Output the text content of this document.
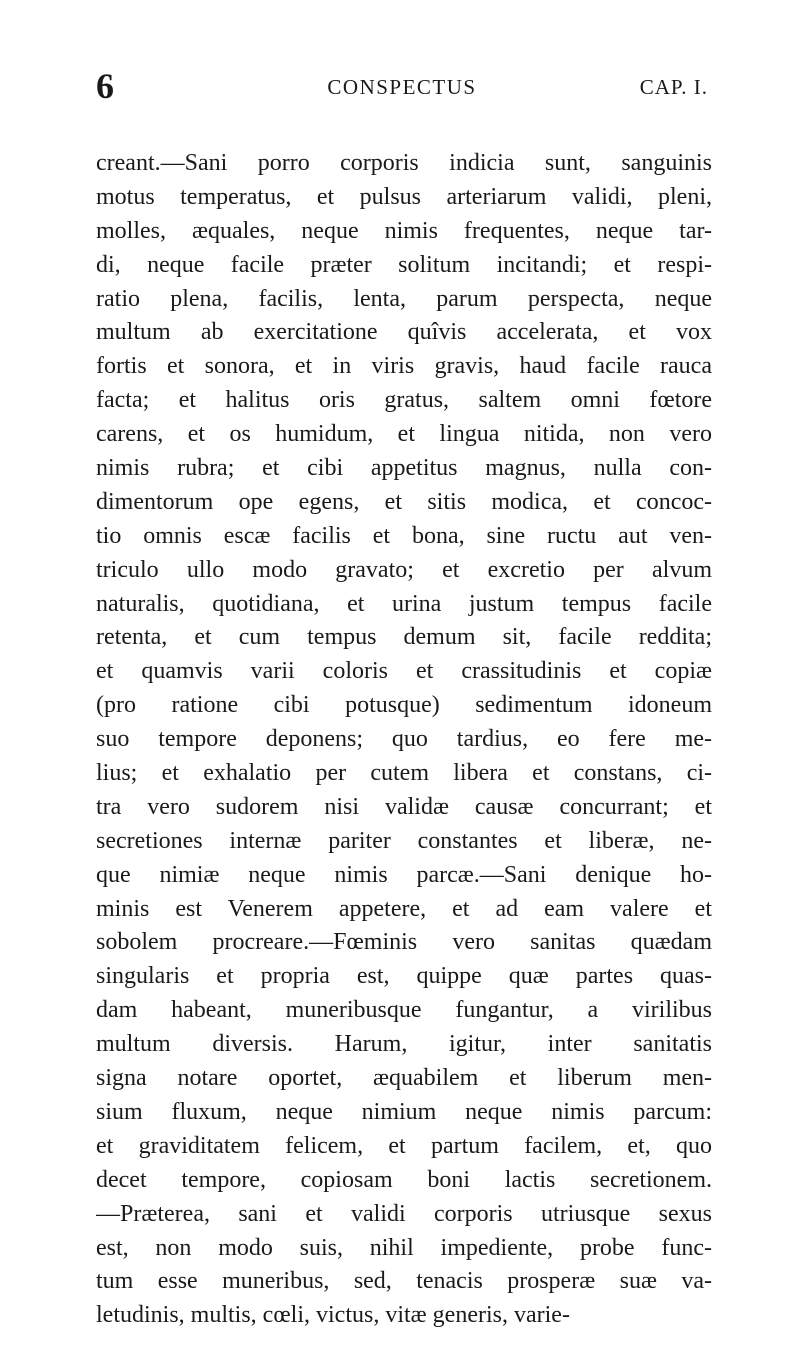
6	CONSPECTUS	CAP. I.
creant.—Sani porro corporis indicia sunt, sanguinis
motus temperatus, et pulsus arteriarum validi, pleni,
molles, æquales, neque nimis frequentes, neque tar-
di, neque facile præter solitum incitandi; et respi-
ratio plena, facilis, lenta, parum perspecta, neque
multum ab exercitatione quîvis accelerata, et vox
fortis et sonora, et in viris gravis, haud facile rauca
facta; et halitus oris gratus, saltem omni fœtore
carens, et os humidum, et lingua nitida, non vero
nimis rubra; et cibi appetitus magnus, nulla con-
dimentorum ope egens, et sitis modica, et concoc-
tio omnis escæ facilis et bona, sine ructu aut ven-
triculo ullo modo gravato; et excretio per alvum
naturalis, quotidiana, et urina justum tempus facile
retenta, et cum tempus demum sit, facile reddita;
et quamvis varii coloris et crassitudinis et copiæ
(pro ratione cibi potusque) sedimentum idoneum
suo tempore deponens; quo tardius, eo fere me-
lius; et exhalatio per cutem libera et constans, ci-
tra vero sudorem nisi validæ causæ concurrant; et
secretiones internæ pariter constantes et liberæ, ne-
que nimiæ neque nimis parcæ.—Sani denique ho-
minis est Venerem appetere, et ad eam valere et
sobolem procreare.—Fœminis vero sanitas quædam
singularis et propria est, quippe quæ partes quas-
dam habeant, muneribusque fungantur, a virilibus
multum diversis. Harum, igitur, inter sanitatis
signa notare oportet, æquabilem et liberum men-
sium fluxum, neque nimium neque nimis parcum:
et graviditatem felicem, et partum facilem, et, quo
decet tempore, copiosam boni lactis secretionem.
—Præterea, sani et validi corporis utriusque sexus
est, non modo suis, nihil impediente, probe func-
tum esse muneribus, sed, tenacis prosperæ suæ va-
letudinis, multis, cœli, victus, vitæ generis, varie-
